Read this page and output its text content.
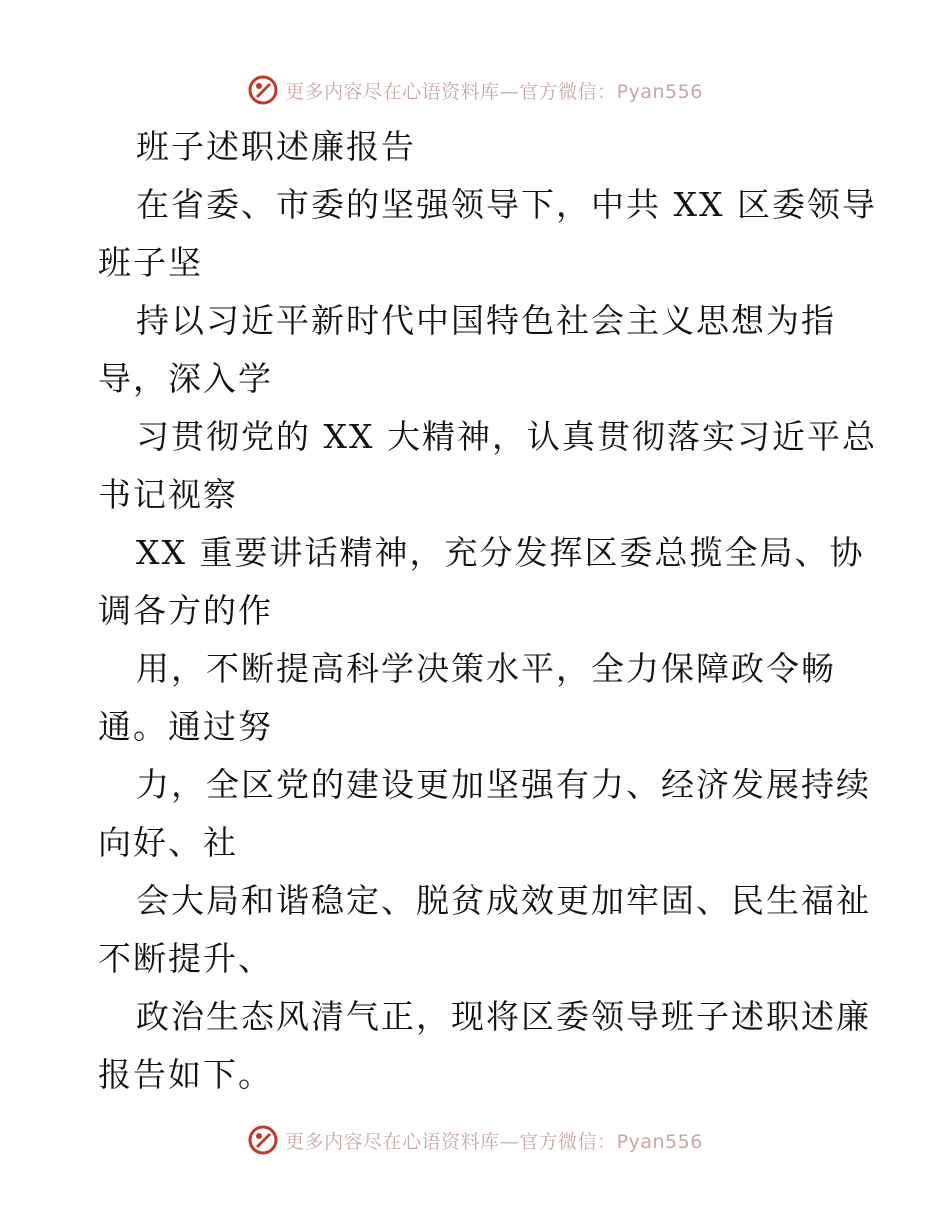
更多内容尽在心语资料库—官方微信：Pyan556

班子述职述廉报告

在省委、市委的坚强领导下，中共 XX 区委领导

班子坚

持以习近平新时代中国特色社会主义思想为指

导，深入学

习贯彻党的 XX 大精神，认真贯彻落实习近平总

书记视察

XX 重要讲话精神，充分发挥区委总揽全局、协

调各方的作

用，不断提高科学决策水平，全力保障政令畅

通。通过努

力，全区党的建设更加坚强有力、经济发展持续

向好、社

会大局和谐稳定、脱贫成效更加牢固、民生福祉

不断提升、

政治生态风清气正，现将区委领导班子述职述廉

报告如下。

更多内容尽在心语资料库—官方微信：Pyan556
